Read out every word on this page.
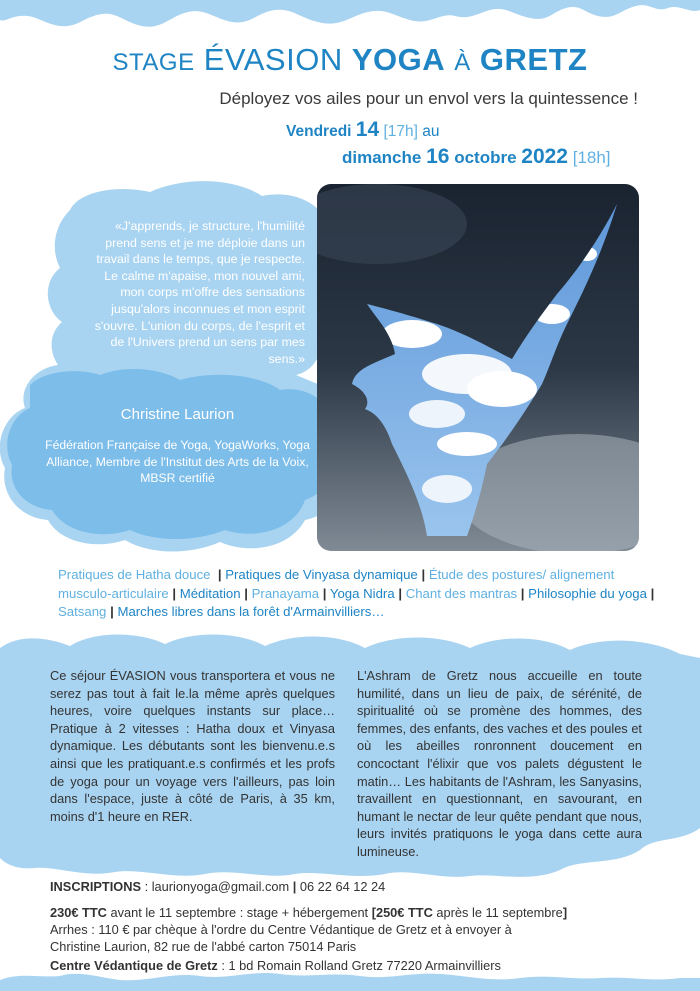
STAGE ÉVASION YOGA À GRETZ
Déployez vos ailes pour un envol vers la quintessence !
Vendredi 14 [17h] au
dimanche 16 octobre 2022 [18h]
«J'apprends, je structure, l'humilité prend sens et je me déploie dans un travail dans le temps, que je respecte. Le calme m'apaise, mon nouvel ami, mon corps m'offre des sensations jusqu'alors inconnues et mon esprit s'ouvre. L'union du corps, de l'esprit et de l'Univers prend un sens par mes sens.»
Christine Laurion
Fédération Française de Yoga, YogaWorks, Yoga Alliance, Membre de l'Institut des Arts de la Voix, MBSR certifié
Pratiques de Hatha douce  | Pratiques de Vinyasa dynamique | Étude des postures/ alignement musculo-articulaire | Méditation | Pranayama | Yoga Nidra | Chant des mantras | Philosophie du yoga | Satsang | Marches libres dans la forêt d'Armainvilliers…
Ce séjour ÉVASION vous transportera et vous ne serez pas tout à fait le.la même après quelques heures, voire quelques instants sur place… Pratique à 2 vitesses : Hatha doux et Vinyasa dynamique. Les débutants sont les bienvenu.e.s ainsi que les pratiquant.e.s confirmés et les profs de yoga pour un voyage vers l'ailleurs, pas loin dans l'espace, juste à côté de Paris, à 35 km, moins d'1 heure en RER.
L'Ashram de Gretz nous accueille en toute humilité, dans un lieu de paix, de sérénité, de spiritualité où se promène des hommes, des femmes, des enfants, des vaches et des poules et où les abeilles ronronnent doucement en concoctant l'élixir que vos palets dégustent le matin… Les habitants de l'Ashram, les Sanyasins, travaillent en questionnant, en savourant, en humant le nectar de leur quête pendant que nous, leurs invités pratiquons le yoga dans cette aura lumineuse.
INSCRIPTIONS : laurionyoga@gmail.com | 06 22 64 12 24
230€ TTC avant le 11 septembre : stage + hébergement [250€ TTC après le 11 septembre]
Arrhes : 110 € par chèque à l'ordre du Centre Védantique de Gretz et à envoyer à
Christine Laurion, 82 rue de l'abbé carton 75014 Paris
Centre Védantique de Gretz : 1 bd Romain Rolland Gretz 77220 Armainvilliers
